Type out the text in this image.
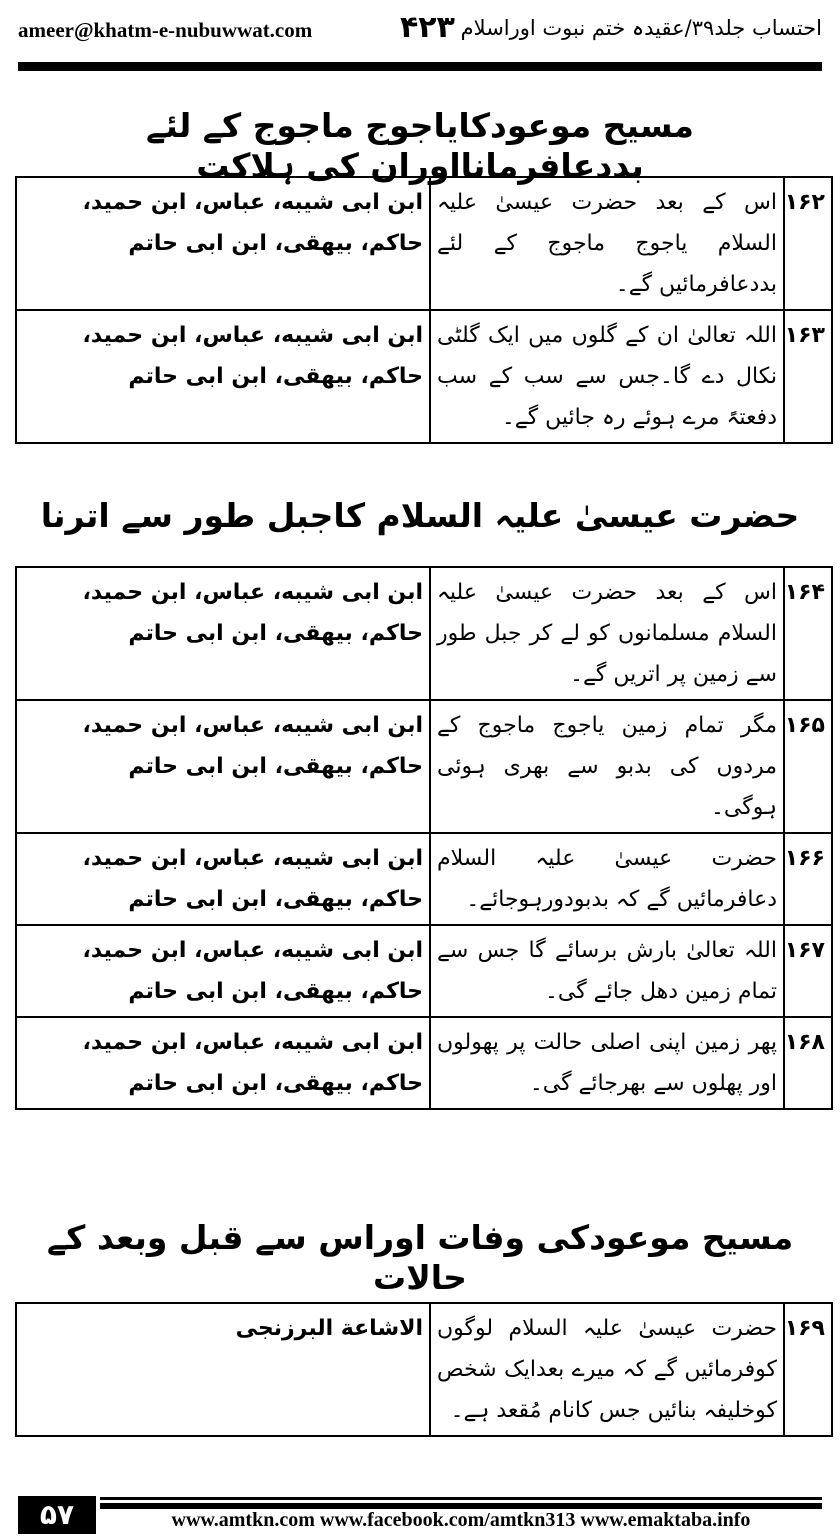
ameer@khatm-e-nubuwwat.com	۴۲۳ احتساب جلد۳۹/عقیدہ ختم نبوت اوراسلام
مسیح موعودکایاجوج ماجوج کے لئے بددعافرمانااوران کی ہلاکت
۱۶۲	اس کے بعد حضرت عیسیٰ علیہ السلام یاجوج ماجوج کے لئے بددعافرمائیں گے۔	ابن ابی شیبه، عباس، ابن حمید، حاکم، بیهقی، ابن ابی حاتم
۱۶۳	اللہ تعالیٰ ان کے گلوں میں ایک گلٹی نکال دے گا۔جس سے سب کے سب دفعتہً مرے ہوئے رہ جائیں گے۔	ابن ابی شیبه، عباس، ابن حمید، حاکم، بیهقی، ابن ابی حاتم
حضرت عیسیٰ علیہ السلام کاجبل طور سے اترنا
۱۶۴	اس کے بعد حضرت عیسیٰ علیہ السلام مسلمانوں کو لے کر جبل طور سے زمین پر اتریں گے۔	ابن ابی شیبه، عباس، ابن حمید، حاکم، بیهقی، ابن ابی حاتم
۱۶۵	مگر تمام زمین یاجوج ماجوج کے مردوں کی بدبو سے بھری ہوئی ہوگی۔	ابن ابی شیبه، عباس، ابن حمید، حاکم، بیهقی، ابن ابی حاتم
۱۶۶	حضرت عیسیٰ علیہ السلام دعافرمائیں گے کہ بدبودورہوجائے۔	ابن ابی شیبه، عباس، ابن حمید، حاکم، بیهقی، ابن ابی حاتم
۱۶۷	اللہ تعالیٰ بارش برسائے گا جس سے تمام زمین دھل جائے گی۔	ابن ابی شیبه، عباس، ابن حمید، حاکم، بیهقی، ابن ابی حاتم
۱۶۸	پھر زمین اپنی اصلی حالت پر پھولوں اور پھلوں سے بھرجائے گی۔	ابن ابی شیبه، عباس، ابن حمید، حاکم، بیهقی، ابن ابی حاتم
مسیح موعودکی وفات اوراس سے قبل وبعد کے حالات
۱۶۹	حضرت عیسیٰ علیہ السلام لوگوں کوفرمائیں گے کہ میرے بعدایک شخص کوخلیفہ بنائیں جس کانام مُقعد ہے۔	الاشاعة البرزنجی
۵۷	www.amtkn.com www.facebook.com/amtkn313 www.emaktaba.info
